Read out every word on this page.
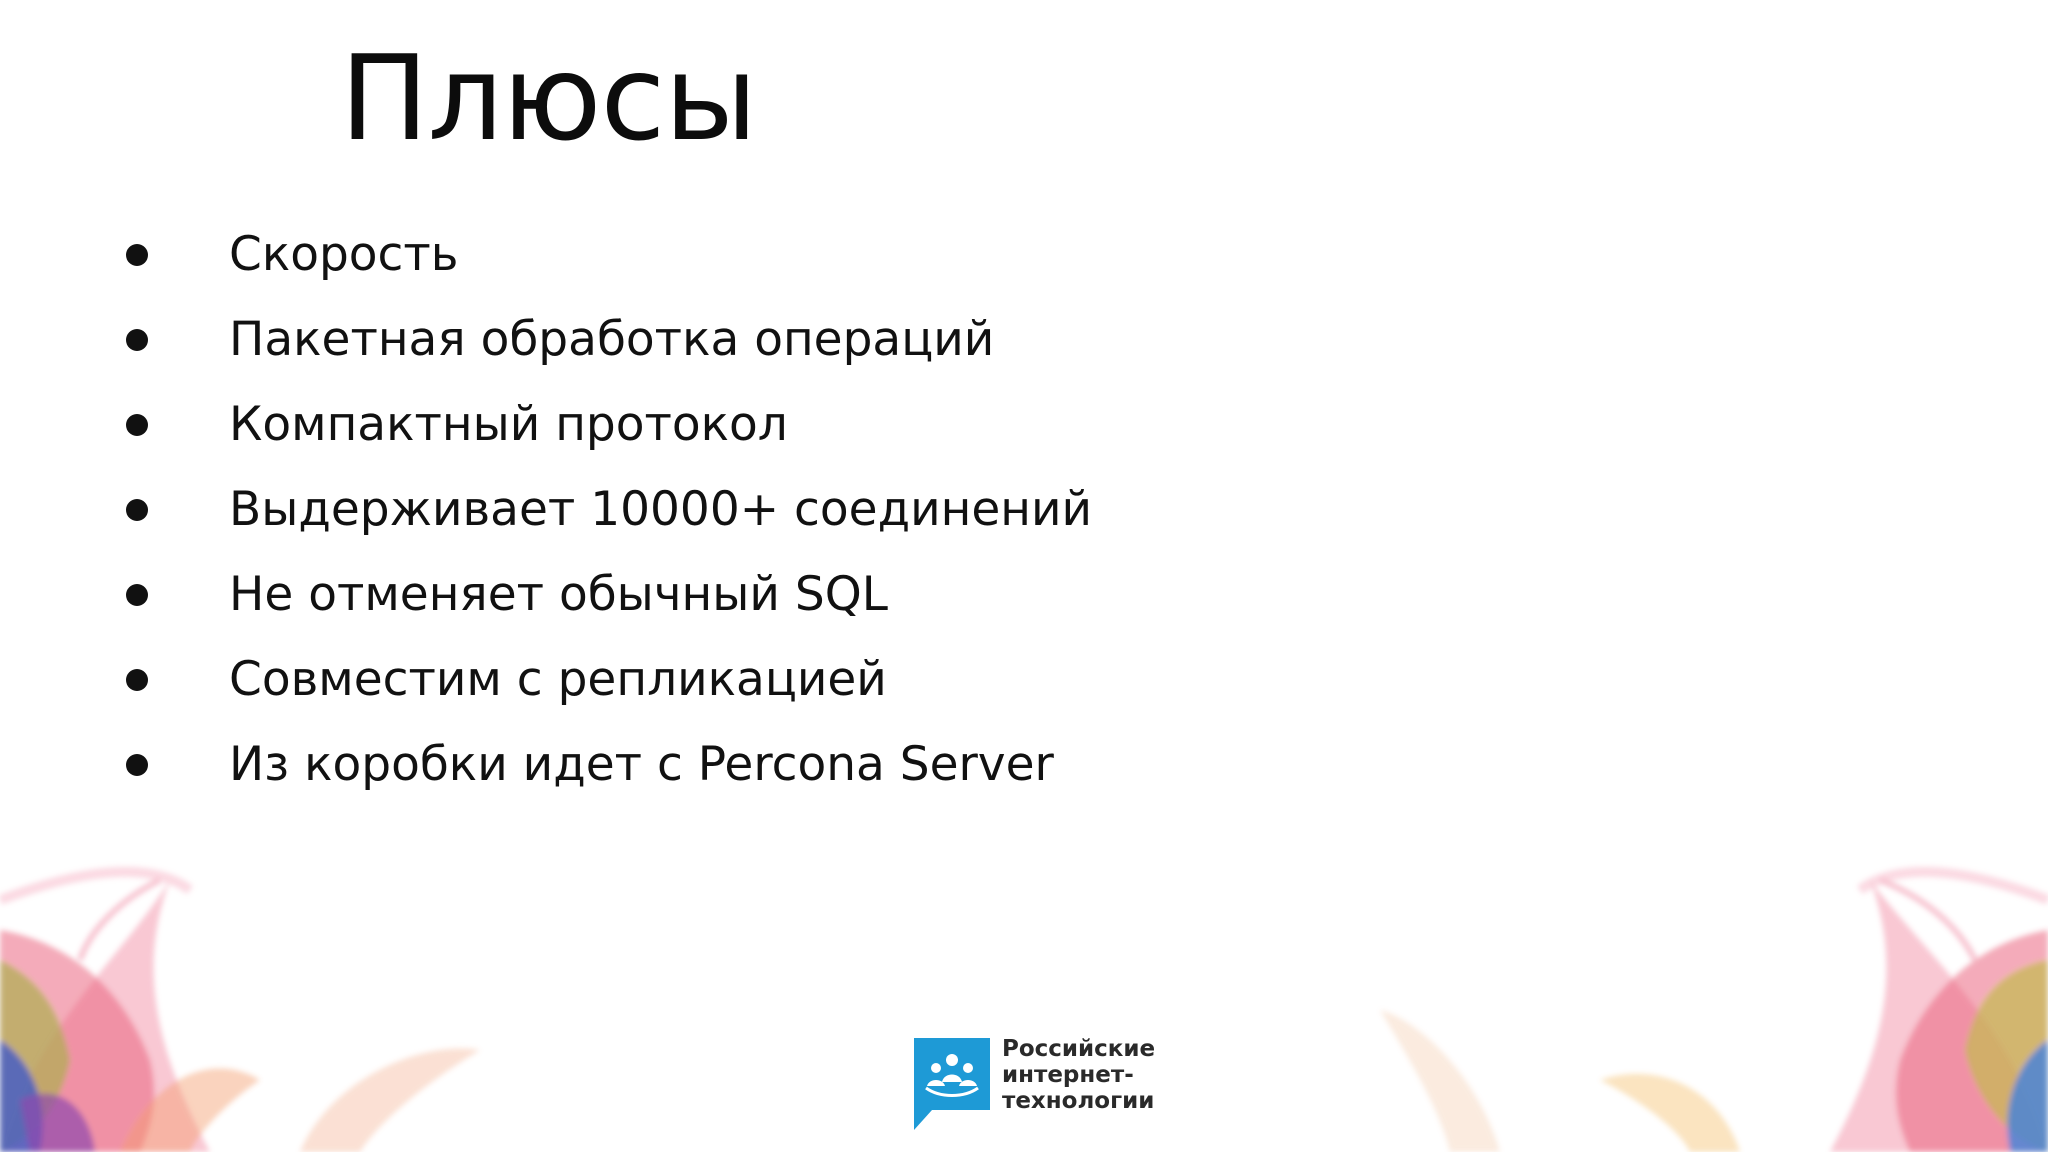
Плюсы
Скорость
Пакетная обработка операций
Компактный протокол
Выдерживает 10000+ соединений
Не отменяет обычный SQL
Совместим с репликацией
Из коробки идет с Percona Server
Российские
интернет-
технологии
